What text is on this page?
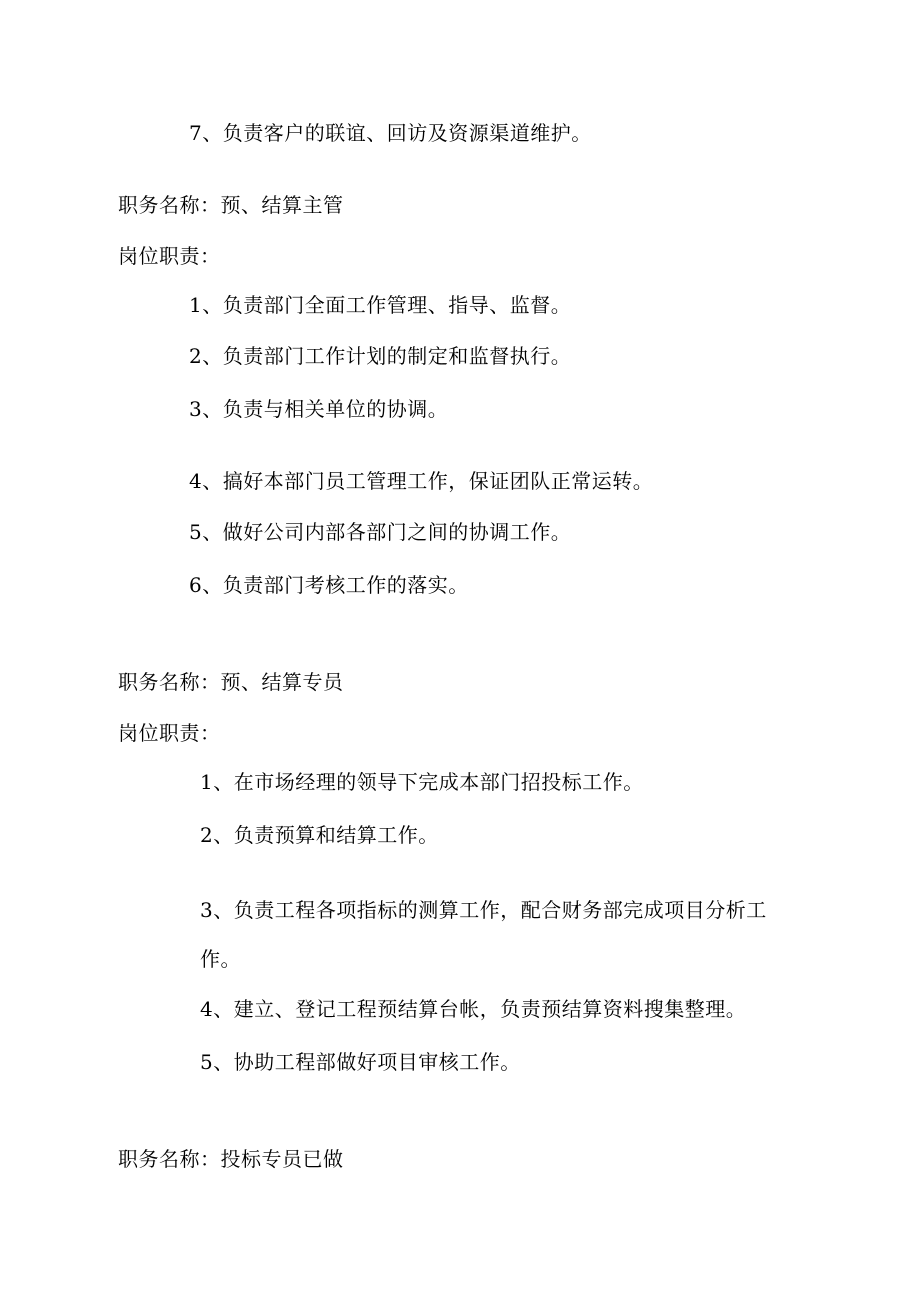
7、负责客户的联谊、回访及资源渠道维护。
职务名称：预、结算主管
岗位职责：
1、负责部门全面工作管理、指导、监督。
2、负责部门工作计划的制定和监督执行。
3、负责与相关单位的协调。
4、搞好本部门员工管理工作，保证团队正常运转。
5、做好公司内部各部门之间的协调工作。
6、负责部门考核工作的落实。
职务名称：预、结算专员
岗位职责：
1、在市场经理的领导下完成本部门招投标工作。
2、负责预算和结算工作。
3、负责工程各项指标的测算工作，配合财务部完成项目分析工
作。
4、建立、登记工程预结算台帐，负责预结算资料搜集整理。
5、协助工程部做好项目审核工作。
职务名称：投标专员已做
